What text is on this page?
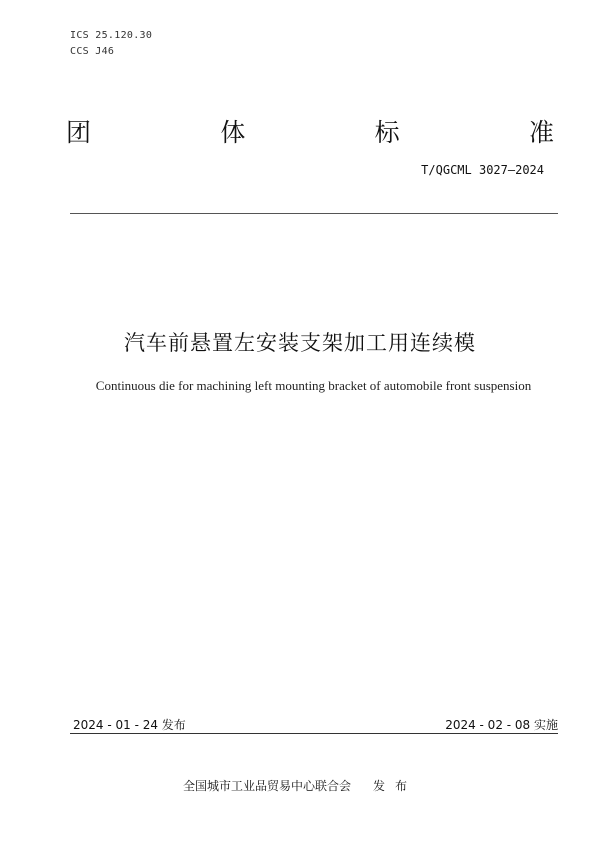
ICS 25.120.30
CCS J46
团	体	标	准
T/QGCML 3027—2024
汽车前悬置左安装支架加工用连续模
Continuous die for machining left mounting bracket of automobile front suspension
2024 - 01 - 24 发布	2024 - 02 - 08 实施
全国城市工业品贸易中心联合会 发布
